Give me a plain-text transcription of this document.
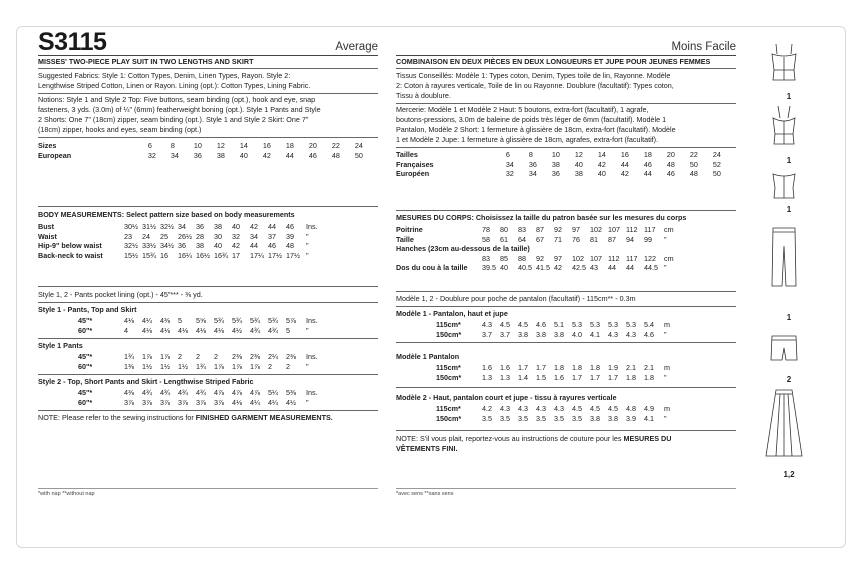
S3115	Average
MISSES' TWO-PIECE PLAY SUIT IN TWO LENGTHS AND SKIRT
Suggested Fabrics: Style 1: Cotton Types, Denim, Linen Types, Rayon. Style 2:
Lengthwise Striped Cotton, Linen or Rayon. Lining (opt.): Cotton Types, Lining Fabric.
Notions: Style 1 and Style 2 Top: Five buttons, seam binding (opt.), hook and eye, snap
fasteners, 3 yds. (3.0m) of ¼" (6mm) featherweight boning (opt.). Style 1 Pants and Style
2 Shorts: One 7" (18cm) zipper, seam binding (opt.). Style 1 and Style 2 Skirt: One 7"
(18cm) zipper, hooks and eyes, seam binding (opt.)
Sizes	6	8	10	12	14	16	18	20	22	24
European	32	34	36	38	40	42	44	46	48	50
BODY MEASUREMENTS: Select pattern size based on body measurements
Bust	30½	31½	32½	34	36	38	40	42	44	46	Ins.
Waist	23	24	25	26½	28	30	32	34	37	39	"
Hip-9" below waist	32½	33½	34½	36	38	40	42	44	46	48	"
Back-neck to waist	15½	15¾	16	16¼	16½	16¾	17	17¼	17½	17½	"
Style 1, 2 - Pants pocket lining (opt.) - 45"*** - ⅜ yd.
Style 1 - Pants, Top and Skirt
45"*	4⅛	4¼	4⅜	5	5⅝	5¾	5¾	5¾	5¾	5⅞	Ins.
60"*	4	4⅛	4⅛	4⅛	4⅛	4⅛	4½	4¾	4¾	5	"
Style 1 Pants
45"*	1¾	1⅞	1⅞	2	2	2	2⅜	2⅜	2¼	2⅜	Ins.
60"*	1⅜	1½	1½	1½	1¾	1⅞	1⅞	1⅞	2	2	"
Style 2 - Top, Short Pants and Skirt - Lengthwise Striped Fabric
45"*	4⅜	4¾	4¾	4¾	4¾	4⅞	4⅞	4⅞	5¼	5⅜	Ins.
60"*	3⅞	3⅞	3⅞	3⅞	3⅞	3⅞	4⅛	4¼	4¼	4½	"
NOTE: Please refer to the sewing instructions for FINISHED GARMENT MEASUREMENTS.
*with nap **without nap
Moins Facile
COMBINAISON EN DEUX PIÈCES EN DEUX LONGUEURS ET JUPE POUR JEUNES FEMMES
Tissus Conseillés: Modèle 1: Types coton, Denim, Types toile de lin, Rayonne. Modèle
2: Coton à rayures verticale, Toile de lin ou Rayonne. Doublure (facultatif): Types coton,
Tissu à doublure.
Mercerie: Modèle 1 et Modèle 2 Haut: 5 boutons, extra-fort (facultatif), 1 agrafe,
boutons-pressions, 3.0m de baleine de poids très léger de 6mm (facultatif). Modèle 1
Pantalon, Modèle 2 Short: 1 fermeture à glissière de 18cm, extra-fort (facultatif). Modèle
1 et Modèle 2 Jupe: 1 fermeture à glissière de 18cm, agrafes, extra-fort (facultatif).
Tailles	6	8	10	12	14	16	18	20	22	24
Françaises	34	36	38	40	42	44	46	48	50	52
Européen	32	34	36	38	40	42	44	46	48	50
MESURES DU CORPS: Choisissez la taille du patron basée sur les mesures du corps
Poitrine	78	80	83	87	92	97	102	107	112	117	cm
Taille	58	61	64	67	71	76	81	87	94	99	"
Hanches (23cm au-dessous de la taille)											
	83	85	88	92	97	102	107	112	117	122	cm
Dos du cou à la taille	39.5	40	40.5	41.5	42	42.5	43	44	44	44.5	"
Modèle 1, 2 - Doublure pour poche de pantalon (facultatif) - 115cm** - 0.3m
Modèle 1 - Pantalon, haut et jupe
115cm*	4.3	4.5	4.5	4.6	5.1	5.3	5.3	5.3	5.3	5.4	m
150cm*	3.7	3.7	3.8	3.8	3.8	4.0	4.1	4.3	4.3	4.6	"
Modèle 1 Pantalon
115cm*	1.6	1.6	1.7	1.7	1.8	1.8	1.8	1.9	2.1	2.1	m
150cm*	1.3	1.3	1.4	1.5	1.6	1.7	1.7	1.7	1.8	1.8	"
Modèle 2 - Haut, pantalon court et jupe - tissu à rayures verticale
115cm*	4.2	4.3	4.3	4.3	4.3	4.5	4.5	4.5	4.8	4.9	m
150cm*	3.5	3.5	3.5	3.5	3.5	3.5	3.8	3.8	3.9	4.1	"
NOTE: S'il vous plait, reportez-vous au instructions de couture pour les MESURES DU
VÊTEMENTS FINI.
*avec sens **sans sens
1
1
1
1
2
1,2
